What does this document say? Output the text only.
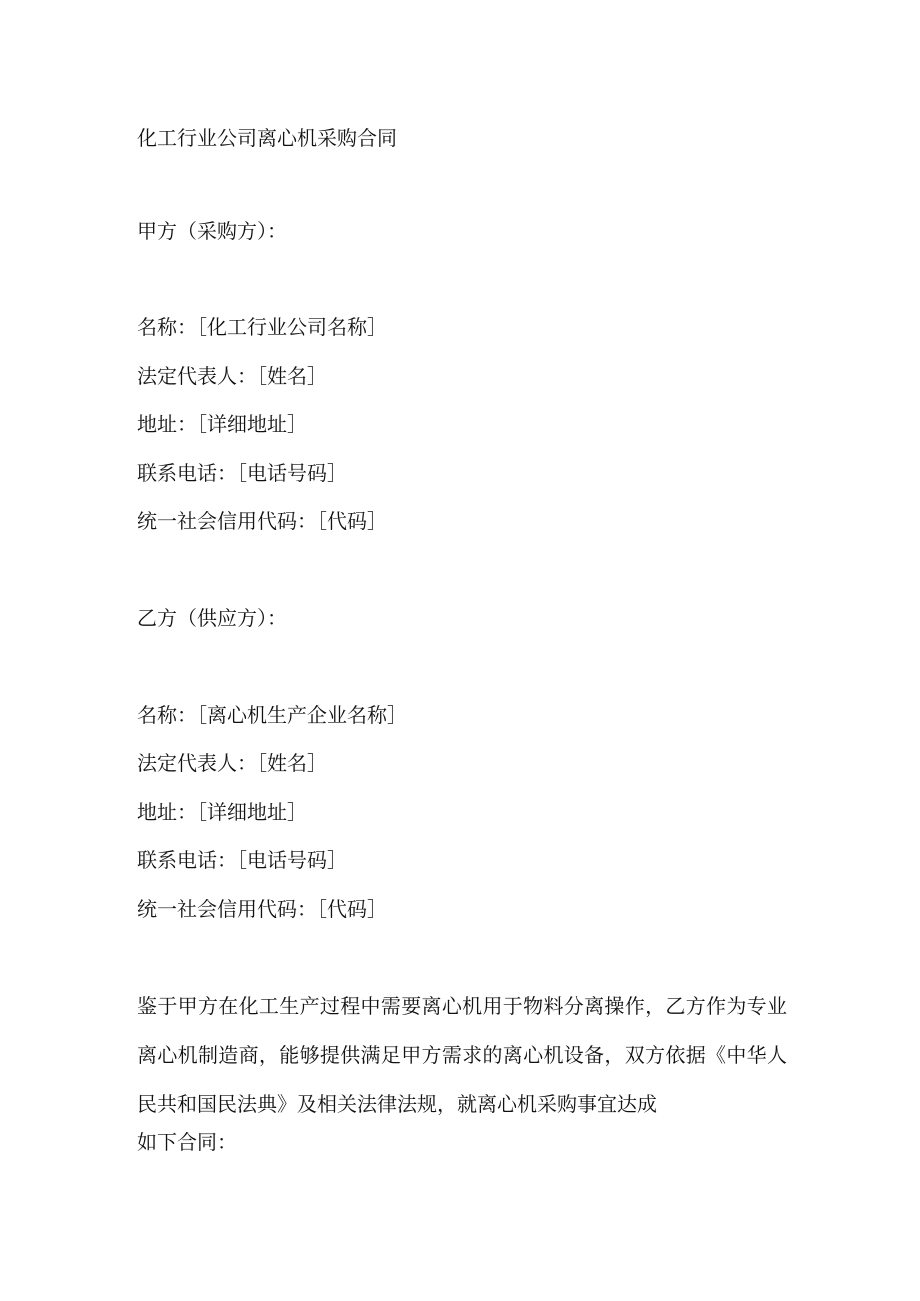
化工行业公司离心机采购合同
甲方（采购方）：
名称：［化工行业公司名称］
法定代表人：［姓名］
地址：［详细地址］
联系电话：［电话号码］
统一社会信用代码：［代码］
乙方（供应方）：
名称：［离心机生产企业名称］
法定代表人：［姓名］
地址：［详细地址］
联系电话：［电话号码］
统一社会信用代码：［代码］
鉴于甲方在化工生产过程中需要离心机用于物料分离操作，乙方作为专业离心机制造商，能够提供满足甲方需求的离心机设备，双方依据《中华人民共和国民法典》及相关法律法规，就离心机采购事宜达成
如下合同：
